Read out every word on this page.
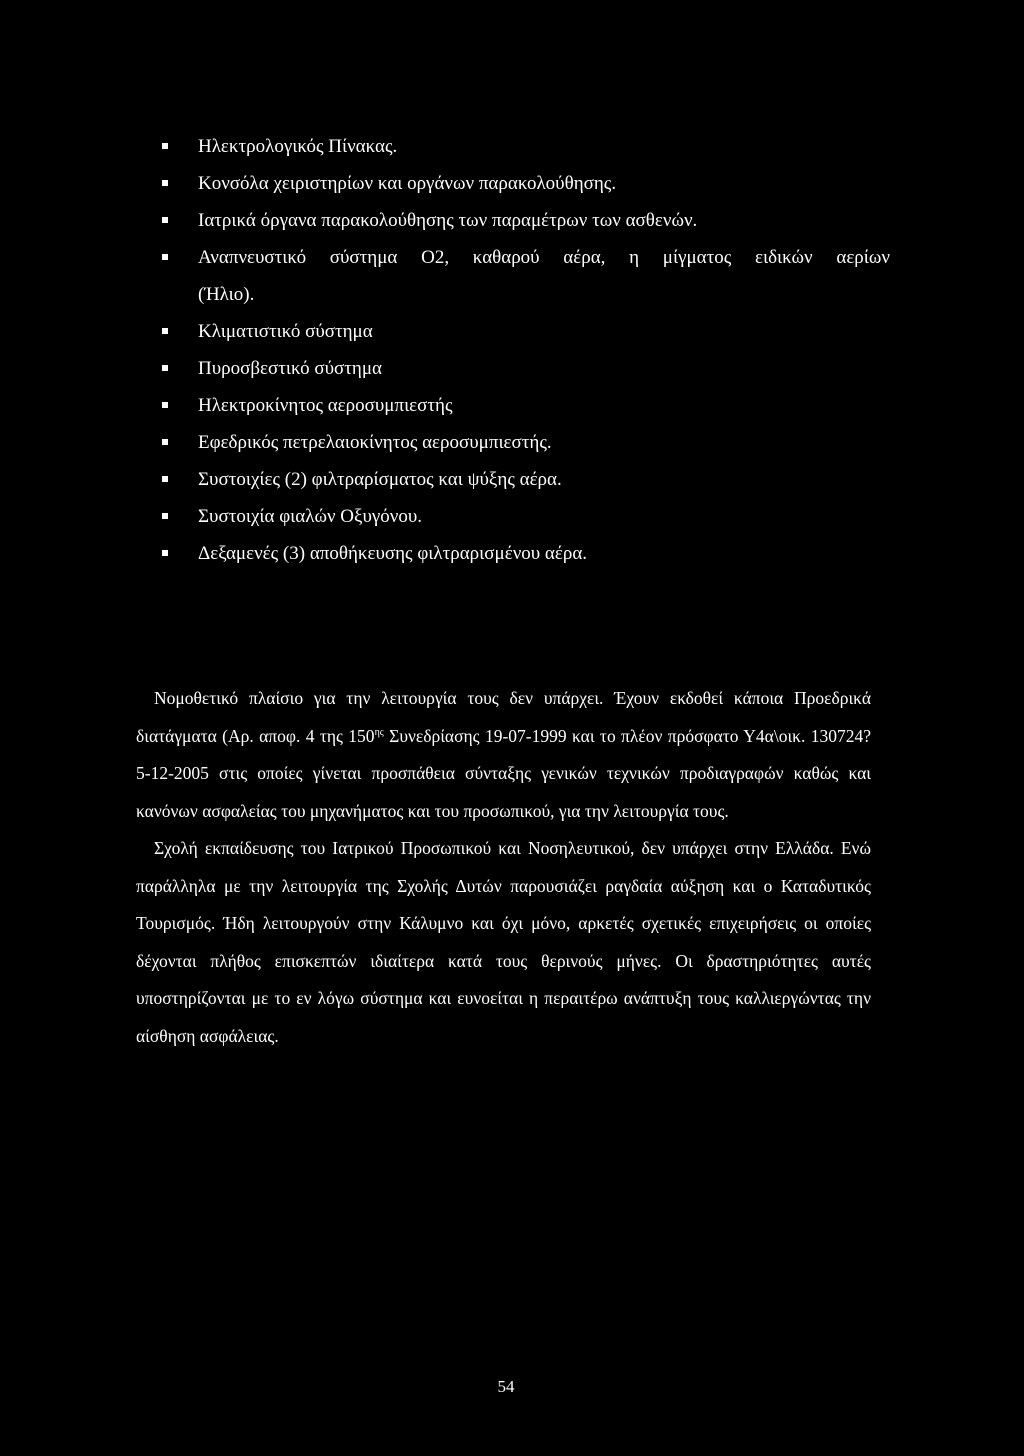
Ηλεκτρολογικός Πίνακας.
Κονσόλα χειριστηρίων και οργάνων παρακολούθησης.
Ιατρικά όργανα παρακολούθησης των παραμέτρων των ασθενών.
Αναπνευστικό σύστημα Ο2, καθαρού αέρα, η μίγματος ειδικών αερίων
(Ήλιο).
Κλιματιστικό σύστημα
Πυροσβεστικό σύστημα
Ηλεκτροκίνητος αεροσυμπιεστής
Εφεδρικός πετρελαιοκίνητος αεροσυμπιεστής.
Συστοιχίες (2) φιλτραρίσματος και ψύξης αέρα.
Συστοιχία φιαλών Οξυγόνου.
Δεξαμενές (3) αποθήκευσης φιλτραρισμένου αέρα.

Νομοθετικό πλαίσιο για την λειτουργία τους δεν υπάρχει. Έχουν εκδοθεί κάποια Προεδρικά διατάγματα (Αρ. αποφ. 4 της $150^{\eta\varsigma}$ Συνεδρίασης 19-07-1999 και το πλέον πρόσφατο Υ4α\οικ. 130724? 5-12-2005 στις οποίες γίνεται προσπάθεια σύνταξης γενικών τεχνικών προδιαγραφών καθώς και κανόνων ασφαλείας του μηχανήματος και του προσωπικού, για την λειτουργία τους.

Σχολή εκπαίδευσης του Ιατρικού Προσωπικού και Νοσηλευτικού, δεν υπάρχει στην Ελλάδα. Ενώ παράλληλα με την λειτουργία της Σχολής Δυτών παρουσιάζει ραγδαία αύξηση και ο Καταδυτικός Τουρισμός. Ήδη λειτουργούν στην Κάλυμνο και όχι μόνο, αρκετές σχετικές επιχειρήσεις οι οποίες δέχονται πλήθος επισκεπτών ιδιαίτερα κατά τους θερινούς μήνες. Οι δραστηριότητες αυτές υποστηρίζονται με το εν λόγω σύστημα και ευνοείται η περαιτέρω ανάπτυξη τους καλλιεργώντας την αίσθηση ασφάλειας.

54
